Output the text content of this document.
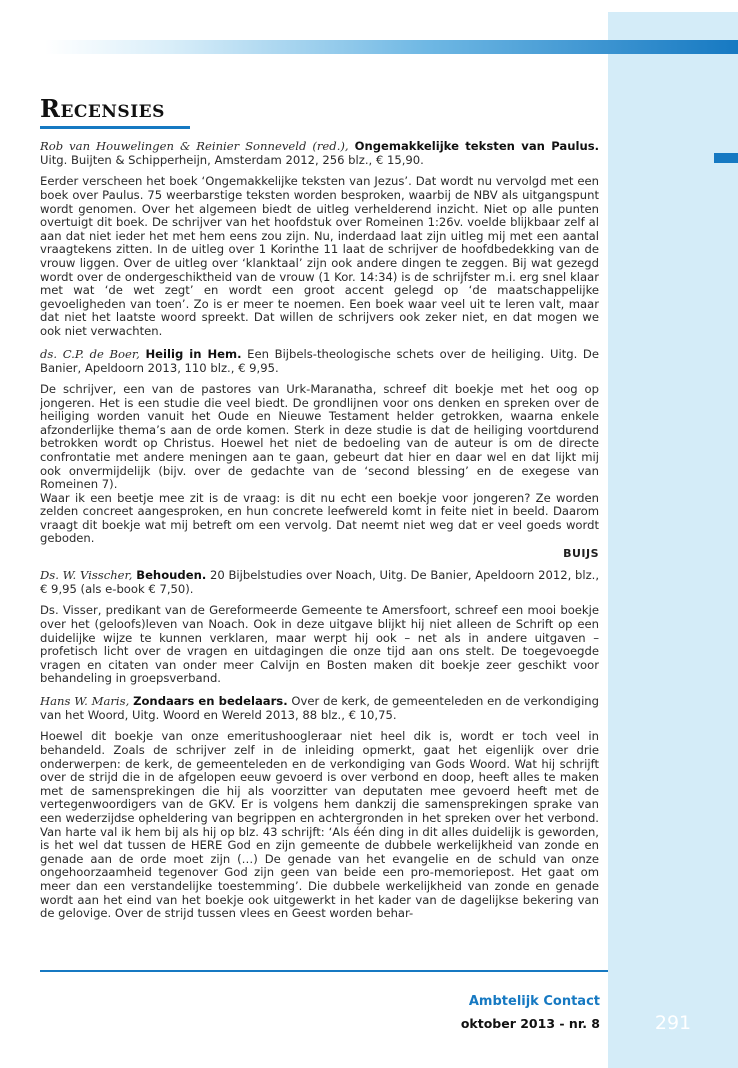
Recensies

Rob van Houwelingen & Reinier Sonneveld (red.), Ongemakkelijke teksten van Paulus. Uitg. Buijten & Schipperheijn, Amsterdam 2012, 256 blz., € 15,90.

Eerder verscheen het boek ‘Ongemakkelijke teksten van Jezus’. Dat wordt nu vervolgd met een boek over Paulus. 75 weerbarstige teksten worden besproken, waarbij de NBV als uitgangspunt wordt genomen. Over het algemeen biedt de uitleg verhelderend inzicht. Niet op alle punten overtuigt dit boek. De schrijver van het hoofdstuk over Romeinen 1:26v. voelde blijkbaar zelf al aan dat niet ieder het met hem eens zou zijn. Nu, inderdaad laat zijn uitleg mij met een aantal vraagtekens zitten. In de uitleg over 1 Korinthe 11 laat de schrijver de hoofdbedekking van de vrouw liggen. Over de uitleg over ‘klanktaal’ zijn ook andere dingen te zeggen. Bij wat gezegd wordt over de ondergeschiktheid van de vrouw (1 Kor. 14:34) is de schrijfster m.i. erg snel klaar met wat ‘de wet zegt’ en wordt een groot accent gelegd op ‘de maatschappelijke gevoeligheden van toen’. Zo is er meer te noemen. Een boek waar veel uit te leren valt, maar dat niet het laatste woord spreekt. Dat willen de schrijvers ook zeker niet, en dat mogen we ook niet verwachten.

ds. C.P. de Boer, Heilig in Hem. Een Bijbels-theologische schets over de heiliging. Uitg. De Banier, Apeldoorn 2013, 110 blz., € 9,95.

De schrijver, een van de pastores van Urk-Maranatha, schreef dit boekje met het oog op jongeren. Het is een studie die veel biedt. De grondlijnen voor ons denken en spreken over de heiliging worden vanuit het Oude en Nieuwe Testament helder getrokken, waarna enkele afzonderlijke thema’s aan de orde komen. Sterk in deze studie is dat de heiliging voortdurend betrokken wordt op Christus. Hoewel het niet de bedoeling van de auteur is om de directe confrontatie met andere meningen aan te gaan, gebeurt dat hier en daar wel en dat lijkt mij ook onvermijdelijk (bijv. over de gedachte van de ‘second blessing’ en de exegese van Romeinen 7).

Waar ik een beetje mee zit is de vraag: is dit nu echt een boekje voor jongeren? Ze worden zelden concreet aangesproken, en hun concrete leefwereld komt in feite niet in beeld. Daarom vraagt dit boekje wat mij betreft om een vervolg. Dat neemt niet weg dat er veel goeds wordt geboden.

BUIJS

Ds. W. Visscher, Behouden. 20 Bijbelstudies over Noach, Uitg. De Banier, Apeldoorn 2012, blz., € 9,95 (als e-book € 7,50).

Ds. Visser, predikant van de Gereformeerde Gemeente te Amersfoort, schreef een mooi boekje over het (geloofs)leven van Noach. Ook in deze uitgave blijkt hij niet alleen de Schrift op een duidelijke wijze te kunnen verklaren, maar werpt hij ook – net als in andere uitgaven – profetisch licht over de vragen en uitdagingen die onze tijd aan ons stelt. De toegevoegde vragen en citaten van onder meer Calvijn en Bosten maken dit boekje zeer geschikt voor behandeling in groepsverband.

Hans W. Maris, Zondaars en bedelaars. Over de kerk, de gemeenteleden en de verkondiging van het Woord, Uitg. Woord en Wereld 2013, 88 blz., € 10,75.

Hoewel dit boekje van onze emeritushoogleraar niet heel dik is, wordt er toch veel in behandeld. Zoals de schrijver zelf in de inleiding opmerkt, gaat het eigenlijk over drie onderwerpen: de kerk, de gemeenteleden en de verkondiging van Gods Woord. Wat hij schrijft over de strijd die in de afgelopen eeuw gevoerd is over verbond en doop, heeft alles te maken met de samensprekingen die hij als voorzitter van deputaten mee gevoerd heeft met de vertegenwoordigers van de GKV. Er is volgens hem dankzij die samensprekingen sprake van een wederzijdse opheldering van begrippen en achtergronden in het spreken over het verbond. Van harte val ik hem bij als hij op blz. 43 schrijft: ‘Als één ding in dit alles duidelijk is geworden, is het wel dat tussen de HERE God en zijn gemeente de dubbele werkelijkheid van zonde en genade aan de orde moet zijn (…) De genade van het evangelie en de schuld van onze ongehoorzaamheid tegenover God zijn geen van beide een pro-memoriepost. Het gaat om meer dan een verstandelijke toestemming’. Die dubbele werkelijkheid van zonde en genade wordt aan het eind van het boekje ook uitgewerkt in het kader van de dagelijkse bekering van de gelovige. Over de strijd tussen vlees en Geest worden behar-

Ambtelijk Contact
oktober 2013 - nr. 8	291
